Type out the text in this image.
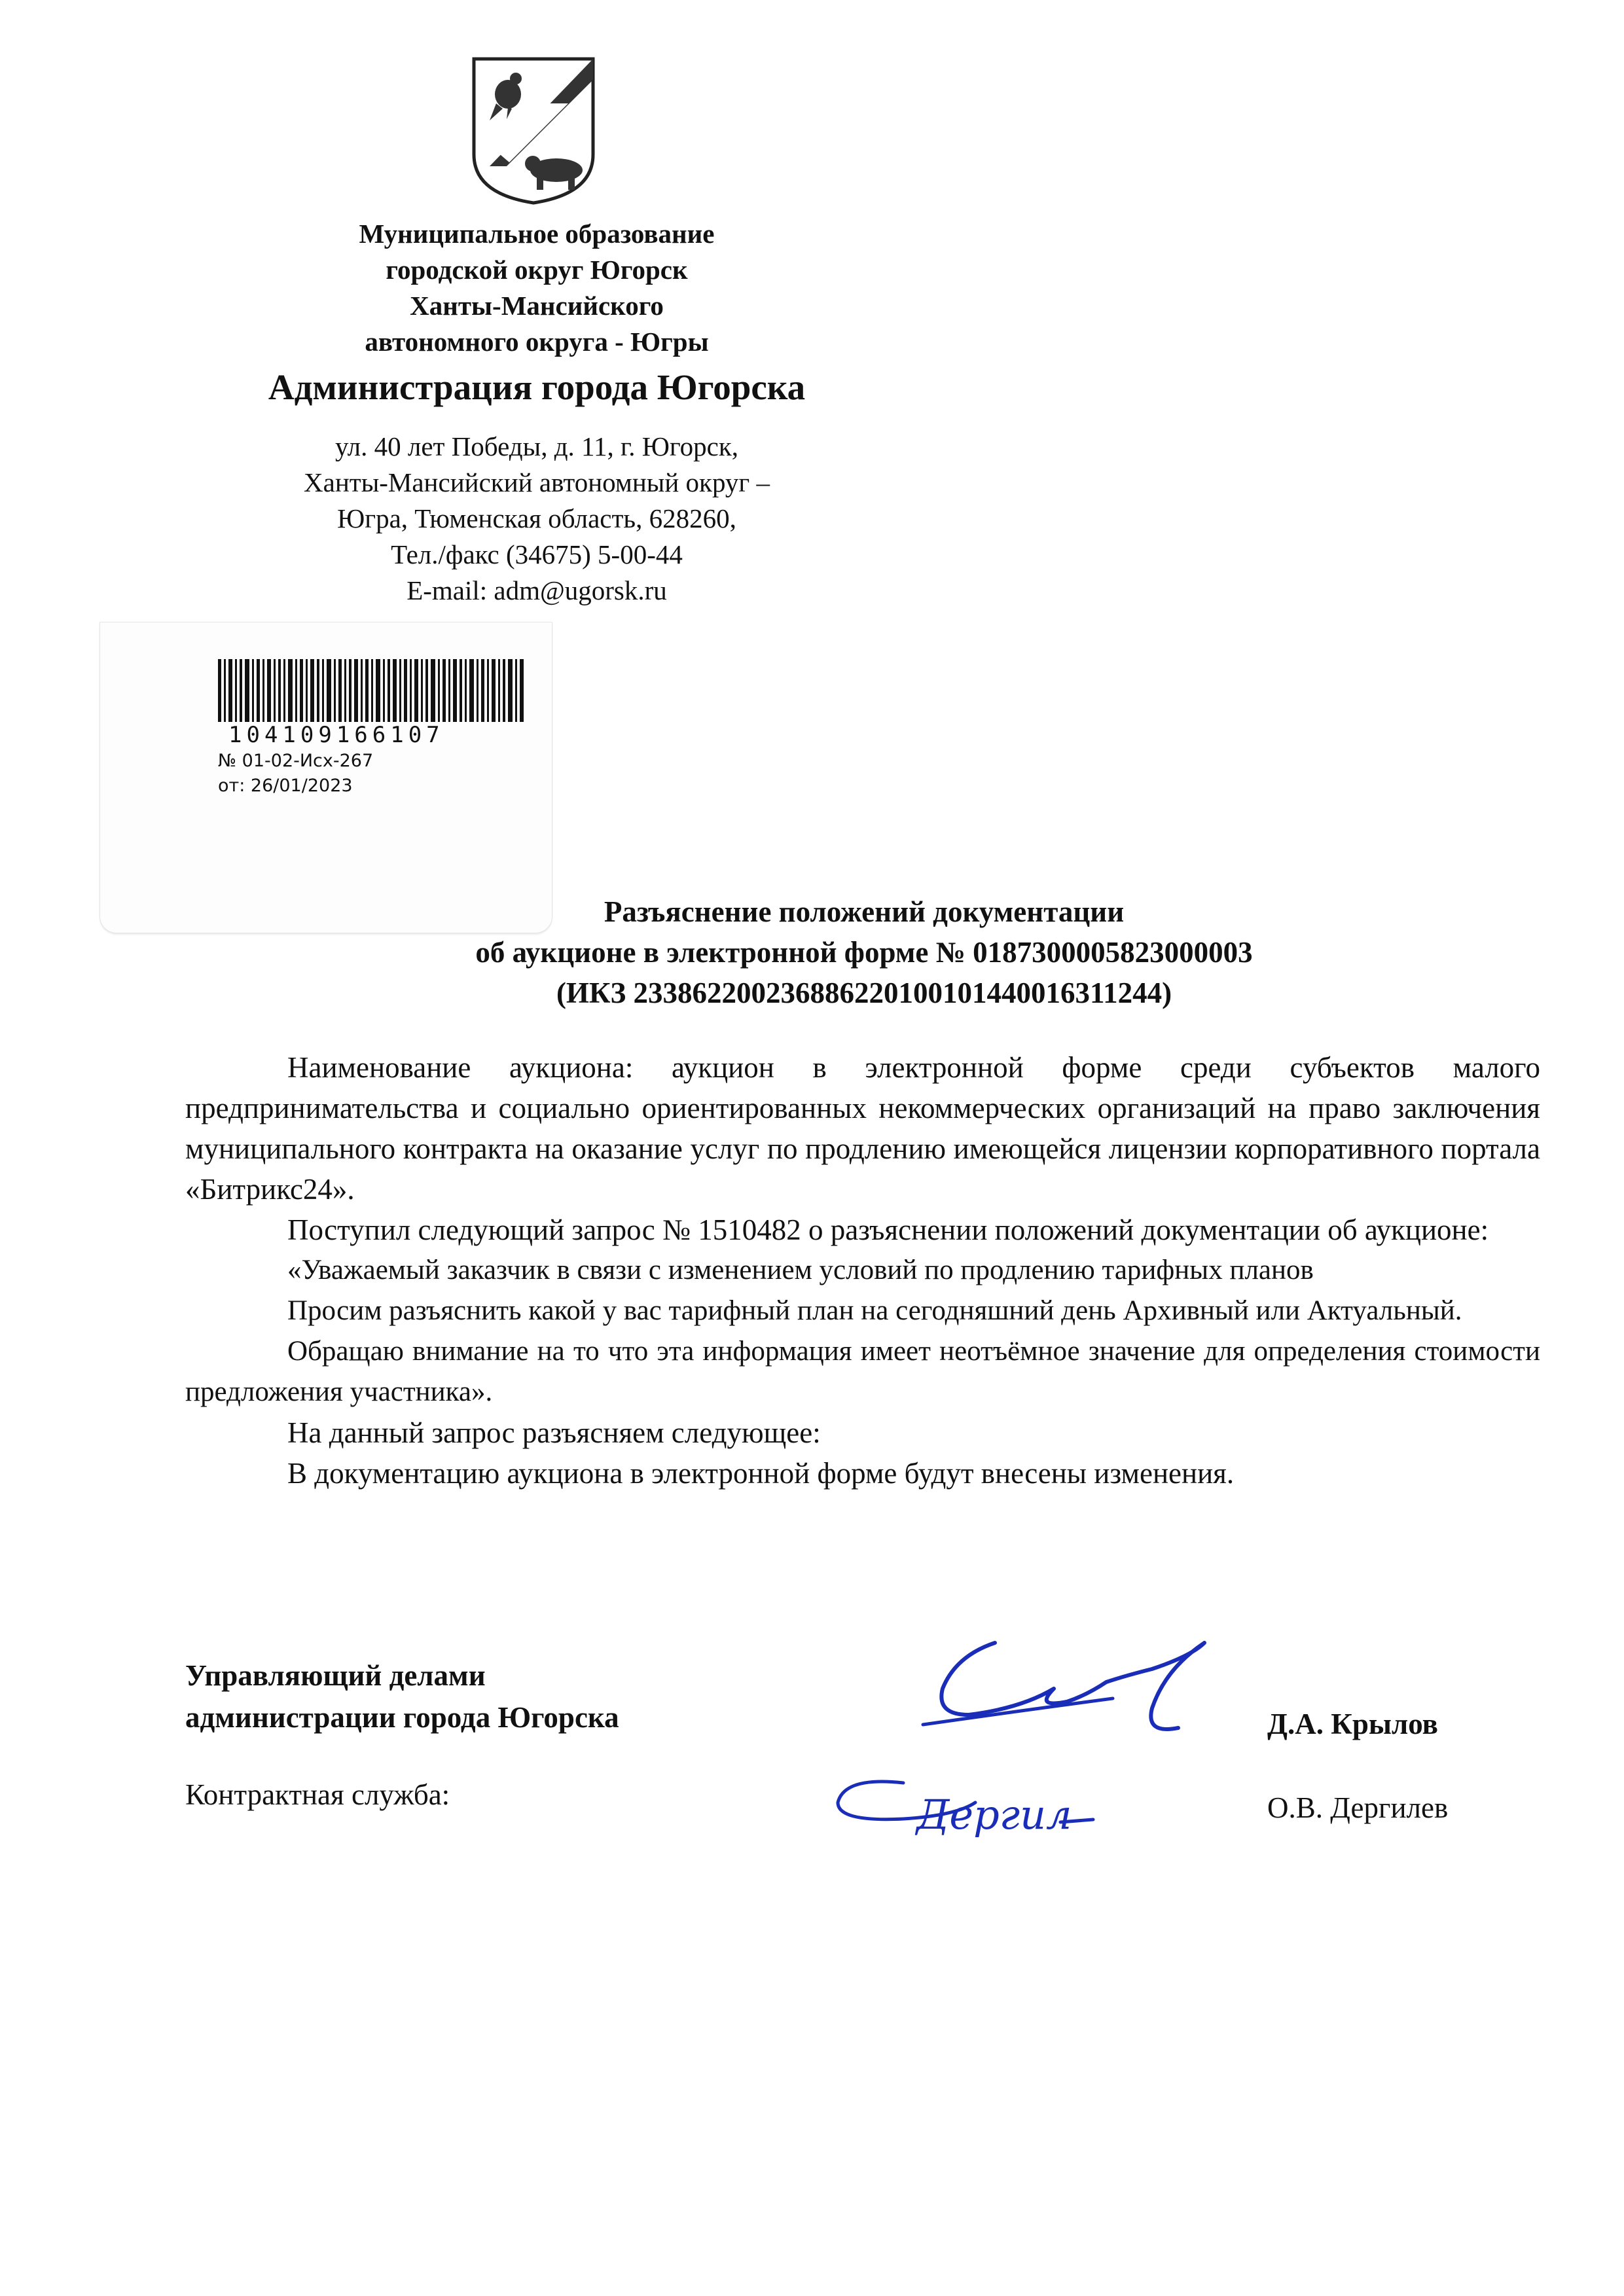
Муниципальное образование
городской округ Югорск
Ханты-Мансийского
автономного округа - Югры
Администрация города Югорска
ул. 40 лет Победы, д. 11, г. Югорск,
Ханты-Мансийский автономный округ –
Югра, Тюменская область, 628260,
Тел./факс (34675) 5-00-44
E-mail: adm@ugorsk.ru
104109166107
№ 01-02-Исх-267
от: 26/01/2023
Разъяснение положений документации
об аукционе в электронной форме № 0187300005823000003
(ИКЗ 233862200236886220100101440016311244)

Наименование аукциона: аукцион в электронной форме среди субъектов малого предпринимательства и социально ориентированных некоммерческих организаций на право заключения муниципального контракта на оказание услуг по продлению имеющейся лицензии корпоративного портала «Битрикс24».

Поступил следующий запрос № 1510482 о разъяснении положений документации об аукционе:

«Уважаемый заказчик в связи с изменением условий по продлению тарифных планов

Просим разъяснить какой у вас тарифный план на сегодняшний день Архивный или Актуальный.

Обращаю внимание на то что эта информация имеет неотъёмное значение для определения стоимости предложения участника».

На данный запрос разъясняем следующее:

В документацию аукциона в электронной форме будут внесены изменения.

Управляющий делами
администрации города Югорска	Д.А. Крылов
Контрактная служба:	Дергил	О.В. Дергилев
